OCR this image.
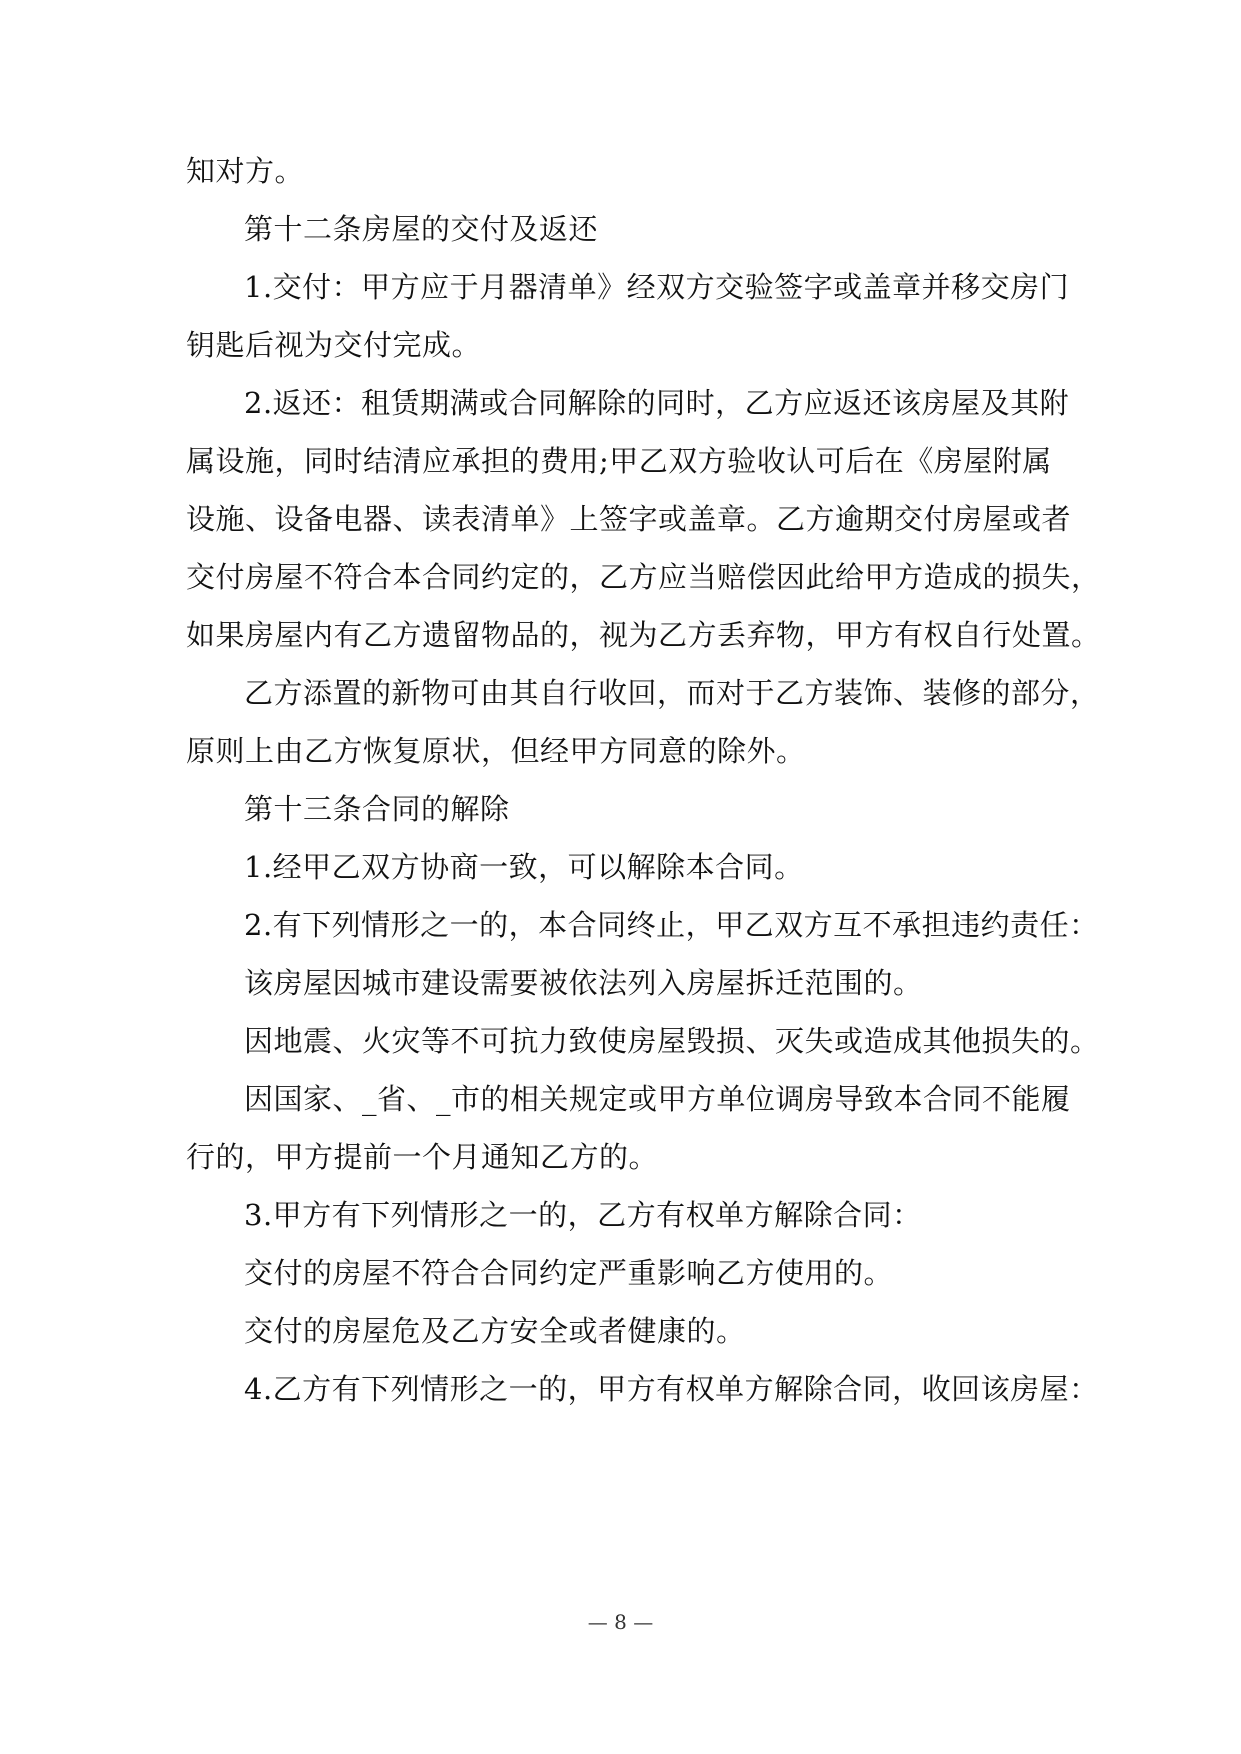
知对方。
第十二条房屋的交付及返还
1.交付：甲方应于月器清单》经双方交验签字或盖章并移交房门
钥匙后视为交付完成。
2.返还：租赁期满或合同解除的同时，乙方应返还该房屋及其附
属设施，同时结清应承担的费用;甲乙双方验收认可后在《房屋附属
设施、设备电器、读表清单》上签字或盖章。乙方逾期交付房屋或者
交付房屋不符合本合同约定的，乙方应当赔偿因此给甲方造成的损失，
如果房屋内有乙方遗留物品的，视为乙方丢弃物，甲方有权自行处置。
乙方添置的新物可由其自行收回，而对于乙方装饰、装修的部分，
原则上由乙方恢复原状，但经甲方同意的除外。
第十三条合同的解除
1.经甲乙双方协商一致，可以解除本合同。
2.有下列情形之一的，本合同终止，甲乙双方互不承担违约责任：
该房屋因城市建设需要被依法列入房屋拆迁范围的。
因地震、火灾等不可抗力致使房屋毁损、灭失或造成其他损失的。
因国家、_省、_市的相关规定或甲方单位调房导致本合同不能履
行的，甲方提前一个月通知乙方的。
3.甲方有下列情形之一的，乙方有权单方解除合同：
交付的房屋不符合合同约定严重影响乙方使用的。
交付的房屋危及乙方安全或者健康的。
4.乙方有下列情形之一的，甲方有权单方解除合同，收回该房屋：
— 8 —
